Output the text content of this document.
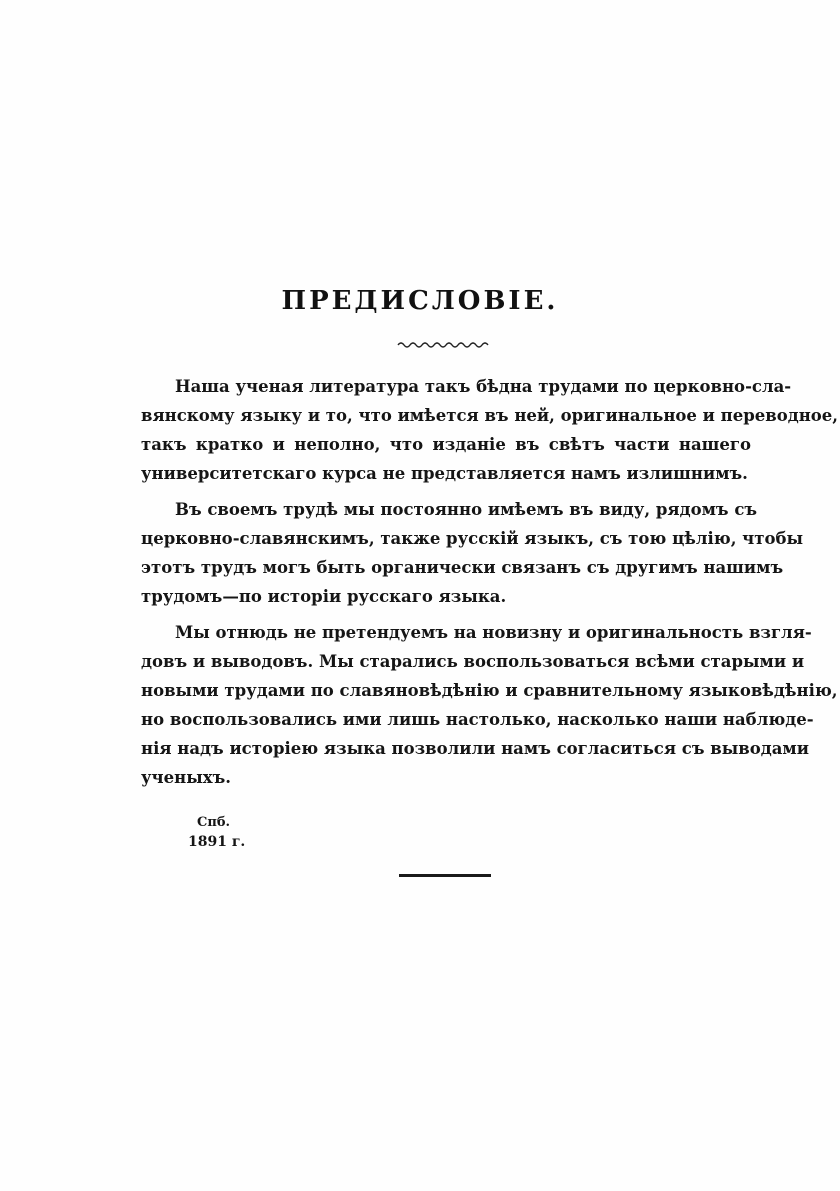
ПРЕДИСЛОВІЕ.

Наша ученая литература такъ бѣдна трудами по церковно-сла-
вянскому языку и то, что имѣется въ ней, оригинальное и переводное,
такъ кратко и неполно, что изданіе въ свѣтъ части нашего
университетскаго курса не представляется намъ излишнимъ.

Въ своемъ трудѣ мы постоянно имѣемъ въ виду, рядомъ съ
церковно-славянскимъ, также русскій языкъ, съ тою цѣлію, чтобы
этотъ трудъ могъ быть органически связанъ съ другимъ нашимъ
трудомъ—по исторіи русскаго языка.

Мы отнюдь не претендуемъ на новизну и оригинальность взгля-
довъ и выводовъ. Мы старались воспользоваться всѣми старыми и
новыми трудами по славяновѣдѣнію и сравнительному языковѣдѣнію,
но воспользовались ими лишь настолько, насколько наши наблюде-
нія надъ исторіею языка позволили намъ согласиться съ выводами
ученыхъ.

Спб.
1891 г.
